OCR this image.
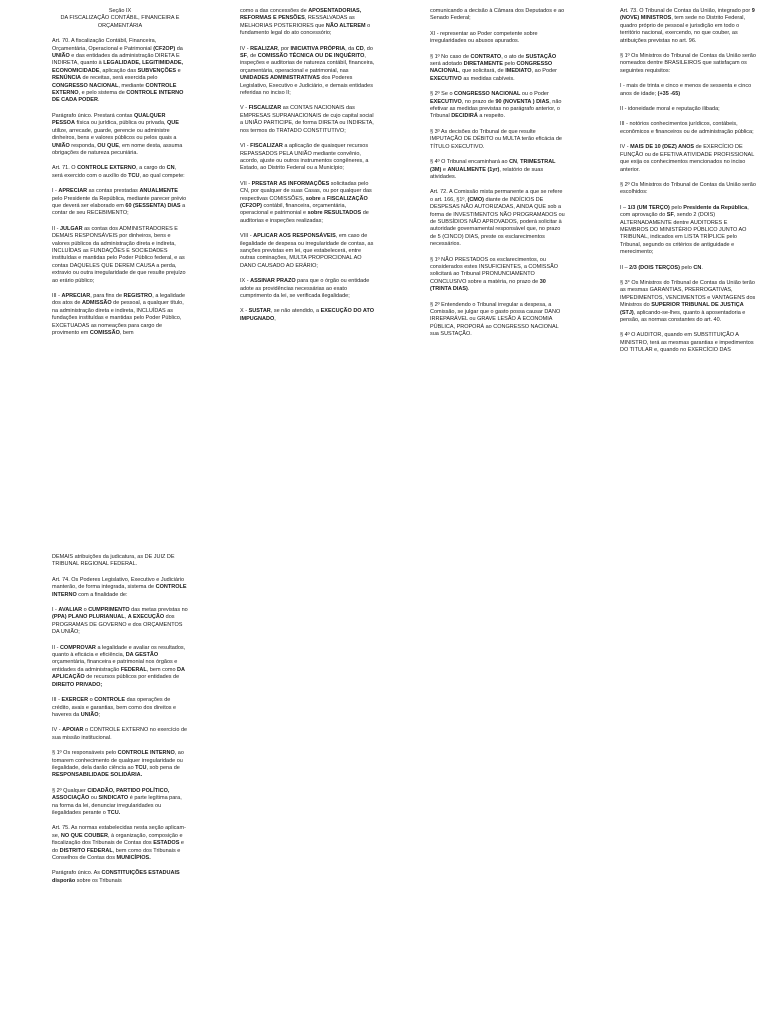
Seção IX
DA FISCALIZAÇÃO CONTÁBIL, FINANCEIRA E ORÇAMENTÁRIA

Art. 70. A fiscalização Contábil, Financeira, Orçamentária, Operacional e Patrimonial (CF2OP) da UNIÃO e das entidades da administração DIRETA E INDIRETA, quanto à LEGALIDADE, LEGITIMIDADE, ECONOMICIDADE, aplicação das SUBVENÇÕES e RENÚNCIA de receitas, será exercida pelo CONGRESSO NACIONAL, mediante CONTROLE EXTERNO, e pelo sistema de CONTROLE INTERNO DE CADA PODER.

Parágrafo único. Prestará contas QUALQUER PESSOA física ou jurídica, pública ou privada, QUE utilize, arrecade, guarde, gerencie ou administre dinheiros, bens e valores públicos ou pelos quais a UNIÃO responda, OU QUE, em nome desta, assuma obrigações de natureza pecuniária.

Art. 71. O CONTROLE EXTERNO, a cargo do CN, será exercido com o auxílio do TCU, ao qual compete:

I - APRECIAR as contas prestadas ANUALMENTE pelo Presidente da República, mediante parecer prévio que deverá ser elaborado em 60 (SESSENTA) DIAS a contar de seu RECEBIMENTO;

II - JULGAR as contas dos ADMINISTRADORES E DEMAIS RESPONSÁVEIS por dinheiros, bens e valores públicos da administração direta e indireta, INCLUÍDAS as FUNDAÇÕES E SOCIEDADES instituídas e mantidas pelo Poder Público federal, e as contas DAQUELES QUE DEREM CAUSA a perda, extravio ou outra irregularidade de que resulte prejuízo ao erário público;

III - APRECIAR, para fins de REGISTRO, a legalidade dos atos de ADMISSÃO de pessoal, a qualquer título, na administração direta e indireta, INCLUÍDAS as fundações instituídas e mantidas pelo Poder Público, EXCETUADAS as nomeações para cargo de provimento em COMISSÃO, bem

como a das concessões de APOSENTADORIAS, REFORMAS E PENSÕES, RESSALVADAS as MELHORIAS POSTERIORES que NÃO ALTEREM o fundamento legal do ato concessório;

IV - REALIZAR, por INICIATIVA PRÓPRIA, da CD, do SF, de COMISSÃO TÉCNICA OU DE INQUÉRITO, inspeções e auditorias de natureza contábil, financeira, orçamentária, operacional e patrimonial, nas UNIDADES ADMINISTRATIVAS dos Poderes Legislativo, Executivo e Judiciário, e demais entidades referidas no inciso II;

V - FISCALIZAR as CONTAS NACIONAIS das EMPRESAS SUPRANACIONAIS de cujo capital social a UNIÃO PARTICIPE, de forma DIRETA ou INDIRETA, nos termos do TRATADO CONSTITUTIVO;

VI - FISCALIZAR a aplicação de quaisquer recursos REPASSADOS PELA UNIÃO mediante convênio, acordo, ajuste ou outros instrumentos congêneres, a Estado, ao Distrito Federal ou a Município;

VII - PRESTAR AS INFORMAÇÕES solicitadas pelo CN, por qualquer de suas Casas, ou por qualquer das respectivas COMISSÕES, sobre a FISCALIZAÇÃO (CF2OP) contábil, financeira, orçamentária, operacional e patrimonial e sobre RESULTADOS de auditorias e inspeções realizadas;

VIII - APLICAR AOS RESPONSÁVEIS, em caso de ilegalidade de despesa ou irregularidade de contas, as sanções previstas em lei, que estabelecerá, entre outras cominações, MULTA PROPORCIONAL AO DANO CAUSADO AO ERÁRIO;

IX - ASSINAR PRAZO para que o órgão ou entidade adote as providências necessárias ao exato cumprimento da lei, se verificada ilegalidade;

X - SUSTAR, se não atendido, a EXECUÇÃO DO ATO IMPUGNADO,

comunicando a decisão à Câmara dos Deputados e ao Senado Federal;

XI - representar ao Poder competente sobre irregularidades ou abusos apurados.

§ 1º No caso de CONTRATO, o ato de SUSTAÇÃO será adotado DIRETAMENTE pelo CONGRESSO NACIONAL, que solicitará, de IMEDIATO, ao Poder EXECUTIVO as medidas cabíveis.

§ 2º Se o CONGRESSO NACIONAL ou o Poder EXECUTIVO, no prazo de 90 (NOVENTA ) DIAS, não efetivar as medidas previstas no parágrafo anterior, o Tribunal DECIDIRÁ a respeito.

§ 3º As decisões do Tribunal de que resulte IMPUTAÇÃO DE DÉBITO ou MULTA terão eficácia de TÍTULO EXECUTIVO.

§ 4º O Tribunal encaminhará ao CN, TRIMESTRAL (3M) e ANUALMENTE (1yr), relatório de suas atividades.

Art. 72. A Comissão mista permanente a que se refere o art. 166, §1º, (CMO) diante de INDÍCIOS DE DESPESAS NÃO AUTORIZADAS, AINDA QUE sob a forma de INVESTIMENTOS NÃO PROGRAMADOS ou de SUBSÍDIOS NÃO APROVADOS, poderá solicitar à autoridade governamental responsável que, no prazo de 5 (CINCO) DIAS, preste os esclarecimentos necessários.

§ 1º NÃO PRESTADOS os esclarecimentos, ou considerados estes INSUFICIENTES, a COMISSÃO solicitará ao Tribunal PRONUNCIAMENTO CONCLUSIVO sobre a matéria, no prazo de 30 (TRINTA DIAS).

§ 2º Entendendo o Tribunal irregular a despesa, a Comissão, se julgar que o gasto possa causar DANO IRREPARÁVEL ou GRAVE LESÃO À ECONOMIA PÚBLICA, PROPORÁ ao CONGRESSO NACIONAL sua SUSTAÇÃO.

Art. 73. O Tribunal de Contas da União, integrado por 9 (NOVE) MINISTROS, tem sede no Distrito Federal, quadro próprio de pessoal e jurisdição em todo o território nacional, exercendo, no que couber, as atribuições previstas no art. 96.

§ 1º Os Ministros do Tribunal de Contas da União serão nomeados dentre BRASILEIROS que satisfaçam os seguintes requisitos:

I - mais de trinta e cinco e menos de sessenta e cinco anos de idade; (+35 -65)

II - idoneidade moral e reputação ilibada;

III - notórios conhecimentos jurídicos, contábeis, econômicos e financeiros ou de administração pública;

IV - MAIS DE 10 (DEZ) ANOS de EXERCÍCIO DE FUNÇÃO ou de EFETIVA ATIVIDADE PROFISSIONAL que exija os conhecimentos mencionados no inciso anterior.

§ 2º Os Ministros do Tribunal de Contas da União serão escolhidos:

I – 1/3 (UM TERÇO) pelo Presidente da República, com aprovação do SF, sendo 2 (DOIS) ALTERNADAMENTE dentre AUDITORES E MEMBROS DO MINISTÉRIO PÚBLICO JUNTO AO TRIBUNAL, indicados em LISTA TRÍPLICE pelo Tribunal, segundo os critérios de antiguidade e merecimento;

II – 2/3 (DOIS TERÇOS) pelo CN.

§ 3° Os Ministros do Tribunal de Contas da União terão as mesmas GARANTIAS, PRERROGATIVAS, IMPEDIMENTOS, VENCIMENTOS e VANTAGENS dos Ministros do SUPERIOR TRIBUNAL DE JUSTIÇA (STJ), aplicando-se-lhes, quanto à aposentadoria e pensão, as normas constantes do art. 40.

§ 4º O AUDITOR, quando em SUBSTITUIÇÃO A MINISTRO, terá as mesmas garantias e impedimentos DO TITULAR e, quando no EXERCÍCIO DAS

DEMAIS atribuições da judicatura, as DE JUIZ DE TRIBUNAL REGIONAL FEDERAL.

Art. 74. Os Poderes Legislativo, Executivo e Judiciário manterão, de forma integrada, sistema de CONTROLE INTERNO com a finalidade de:

I - AVALIAR o CUMPRIMENTO das metas previstas no (PPA) PLANO PLURIANUAL, A EXECUÇÃO dos PROGRAMAS DE GOVERNO e dos ORÇAMENTOS DA UNIÃO;

II - COMPROVAR a legalidade e avaliar os resultados, quanto à eficácia e eficiência, DA GESTÃO orçamentária, financeira e patrimonial nos órgãos e entidades da administração FEDERAL, bem como DA APLICAÇÃO de recursos públicos por entidades de DIREITO PRIVADO;

III - EXERCER o CONTROLE das operações de crédito, avais e garantias, bem como dos direitos e haveres da UNIÃO;

IV - APOIAR o CONTROLE EXTERNO no exercício de sua missão institucional.

§ 1º Os responsáveis pelo CONTROLE INTERNO, ao tomarem conhecimento de qualquer irregularidade ou ilegalidade, dela darão ciência ao TCU, sob pena de RESPONSABILIDADE SOLIDÁRIA.

§ 2º Qualquer CIDADÃO, PARTIDO POLÍTICO, ASSOCIAÇÃO ou SINDICATO é parte legítima para, na forma da lei, denunciar irregularidades ou ilegalidades perante o TCU.

Art. 75. As normas estabelecidas nesta seção aplicam-se, NO QUE COUBER, à organização, composição e fiscalização dos Tribunais de Contas dos ESTADOS e do DISTRITO FEDERAL, bem como dos Tribunais e Conselhos de Contas dos MUNICÍPIOS.

Parágrafo único. As CONSTITUIÇÕES ESTADUAIS disporão sobre os Tribunais
